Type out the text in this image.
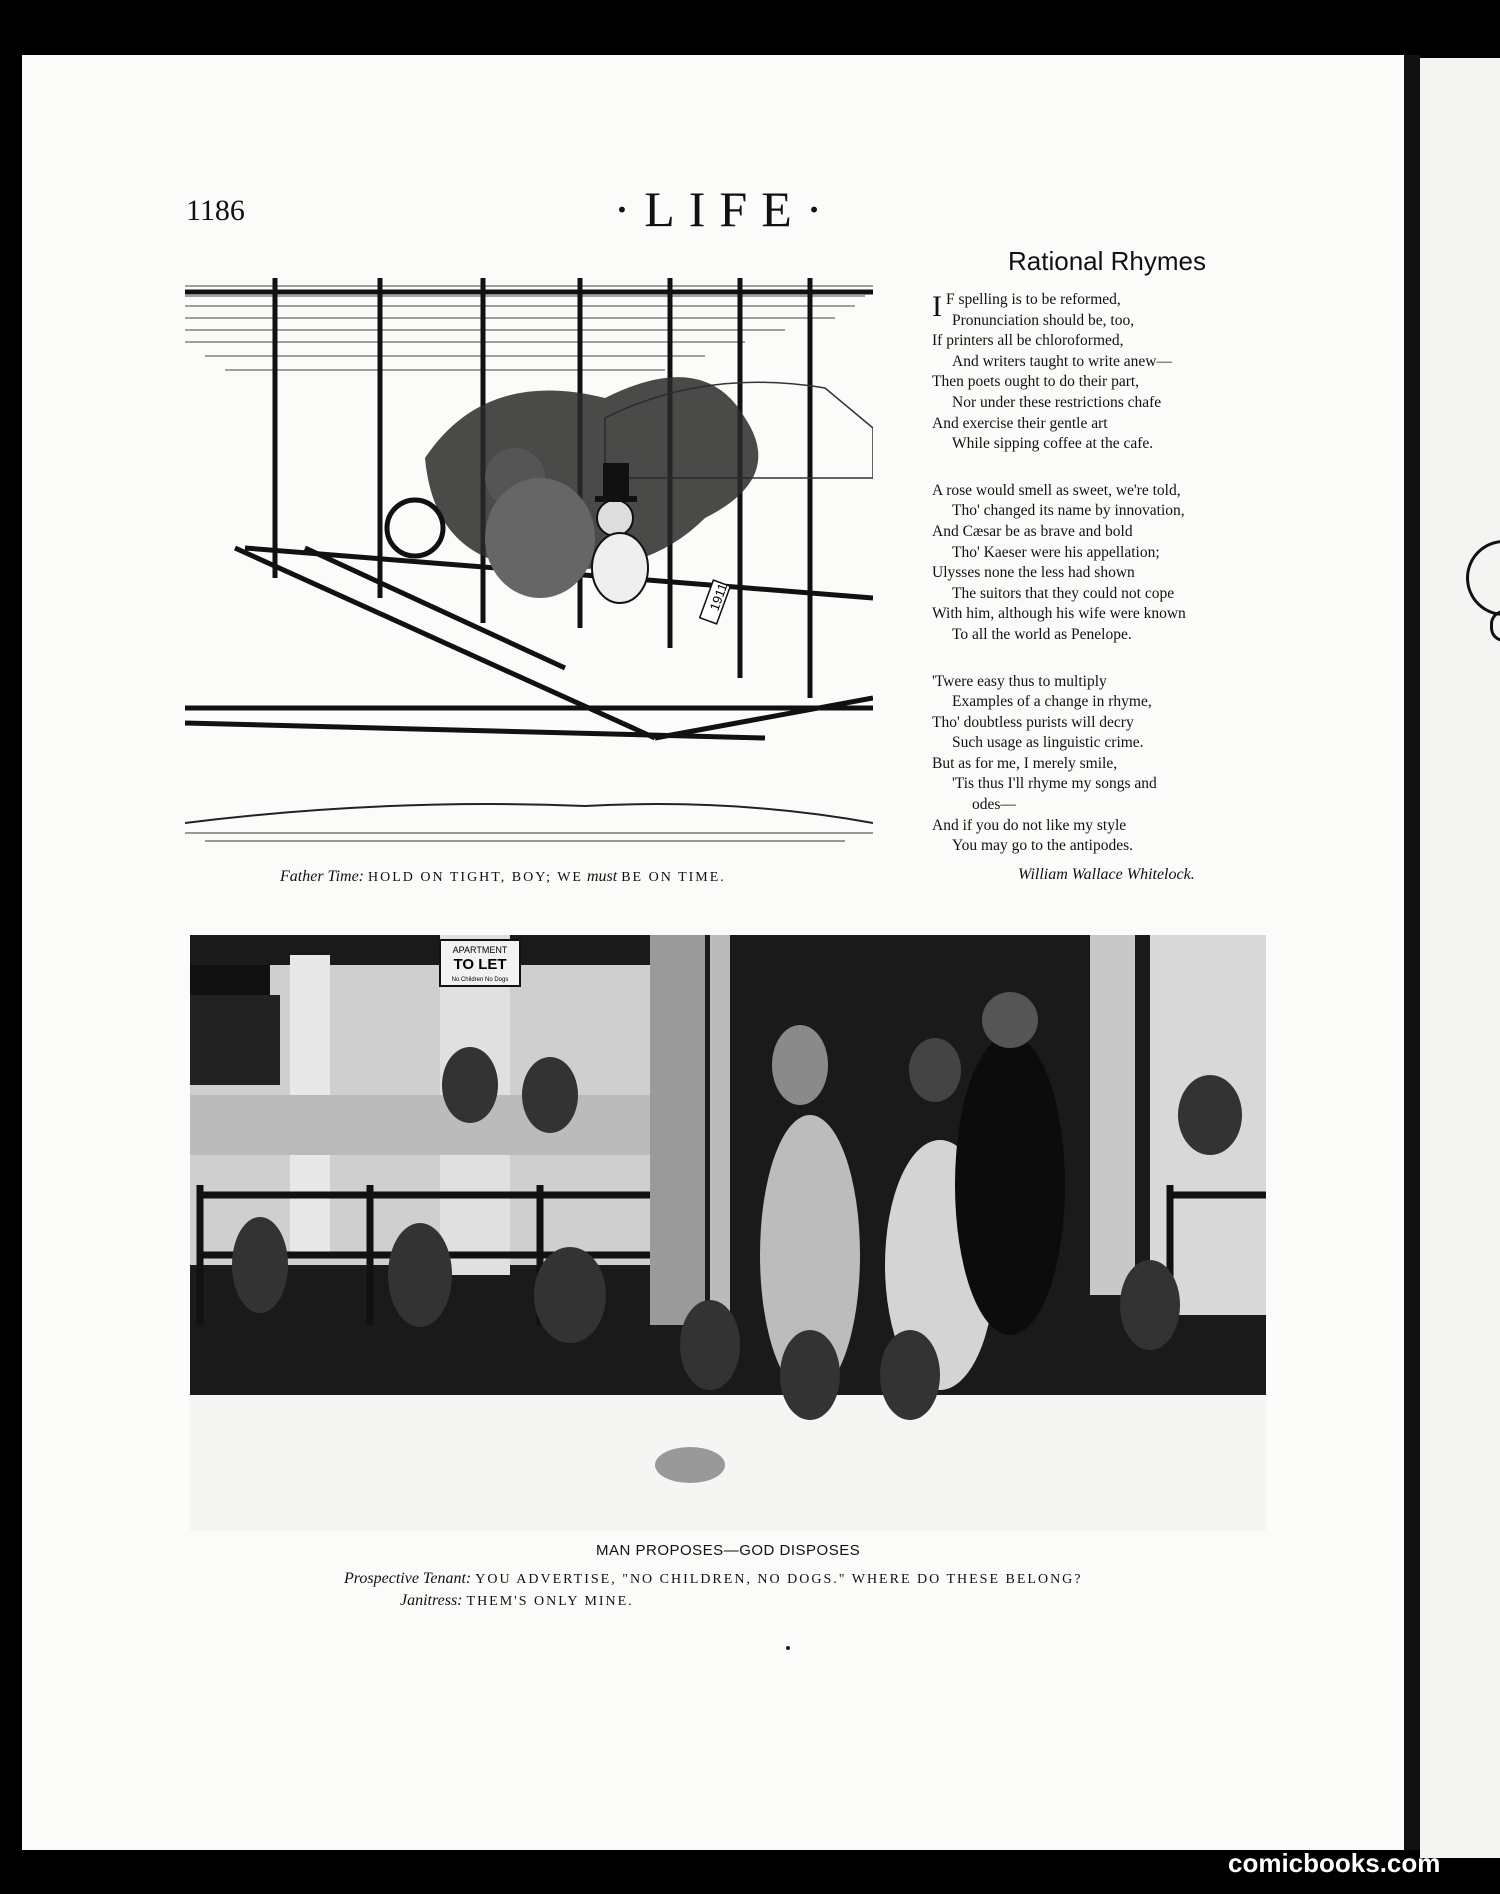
1186	·LIFE·
1911
Father Time: HOLD ON TIGHT, BOY; WE must BE ON TIME.
Rational Rhymes
I F spelling is to be reformed,
Pronunciation should be, too,
If printers all be chloroformed,
And writers taught to write anew—
Then poets ought to do their part,
Nor under these restrictions chafe
And exercise their gentle art
While sipping coffee at the cafe.
A rose would smell as sweet, we're told,
Tho' changed its name by innovation,
And Cæsar be as brave and bold
Tho' Kaeser were his appellation;
Ulysses none the less had shown
The suitors that they could not cope
With him, although his wife were known
To all the world as Penelope.
'Twere easy thus to multiply
Examples of a change in rhyme,
Tho' doubtless purists will decry
Such usage as linguistic crime.
But as for me, I merely smile,
'Tis thus I'll rhyme my songs and
odes—
And if you do not like my style
You may go to the antipodes.
William Wallace Whitelock.
APARTMENT
TO LET
No Children No Dogs
MAN PROPOSES—GOD DISPOSES
Prospective Tenant: YOU ADVERTISE, "NO CHILDREN, NO DOGS." WHERE DO THESE BELONG?
Janitress: THEM'S ONLY MINE.
comicbooks.com
